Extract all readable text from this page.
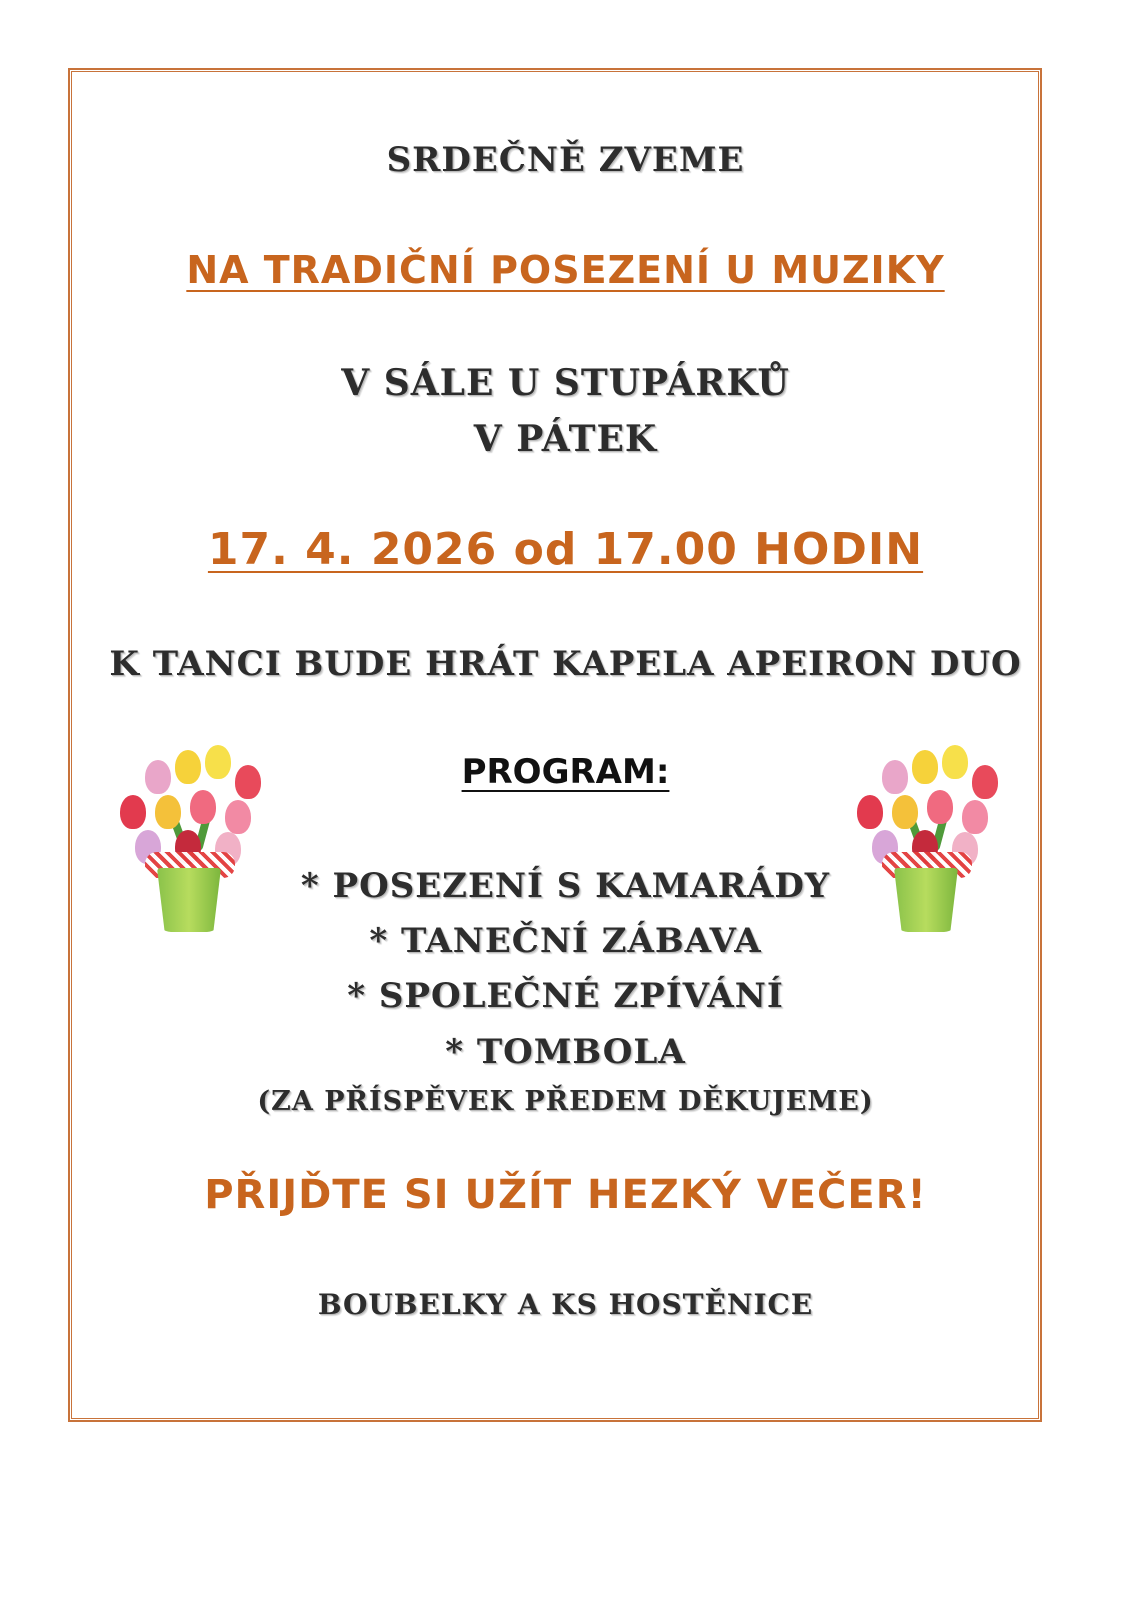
SRDEČNĚ ZVEME
NA TRADIČNÍ POSEZENÍ U MUZIKY
V SÁLE U STUPÁRKŮ
V PÁTEK
17. 4. 2026 od 17.00 HODIN
K TANCI BUDE HRÁT KAPELA APEIRON DUO
PROGRAM:
* POSEZENÍ S KAMARÁDY
* TANEČNÍ ZÁBAVA
* SPOLEČNÉ ZPÍVÁNÍ
* TOMBOLA
(ZA PŘÍSPĚVEK PŘEDEM DĚKUJEME)
PŘIJĎTE SI UŽÍT HEZKÝ VEČER!
BOUBELKY A KS HOSTĚNICE
